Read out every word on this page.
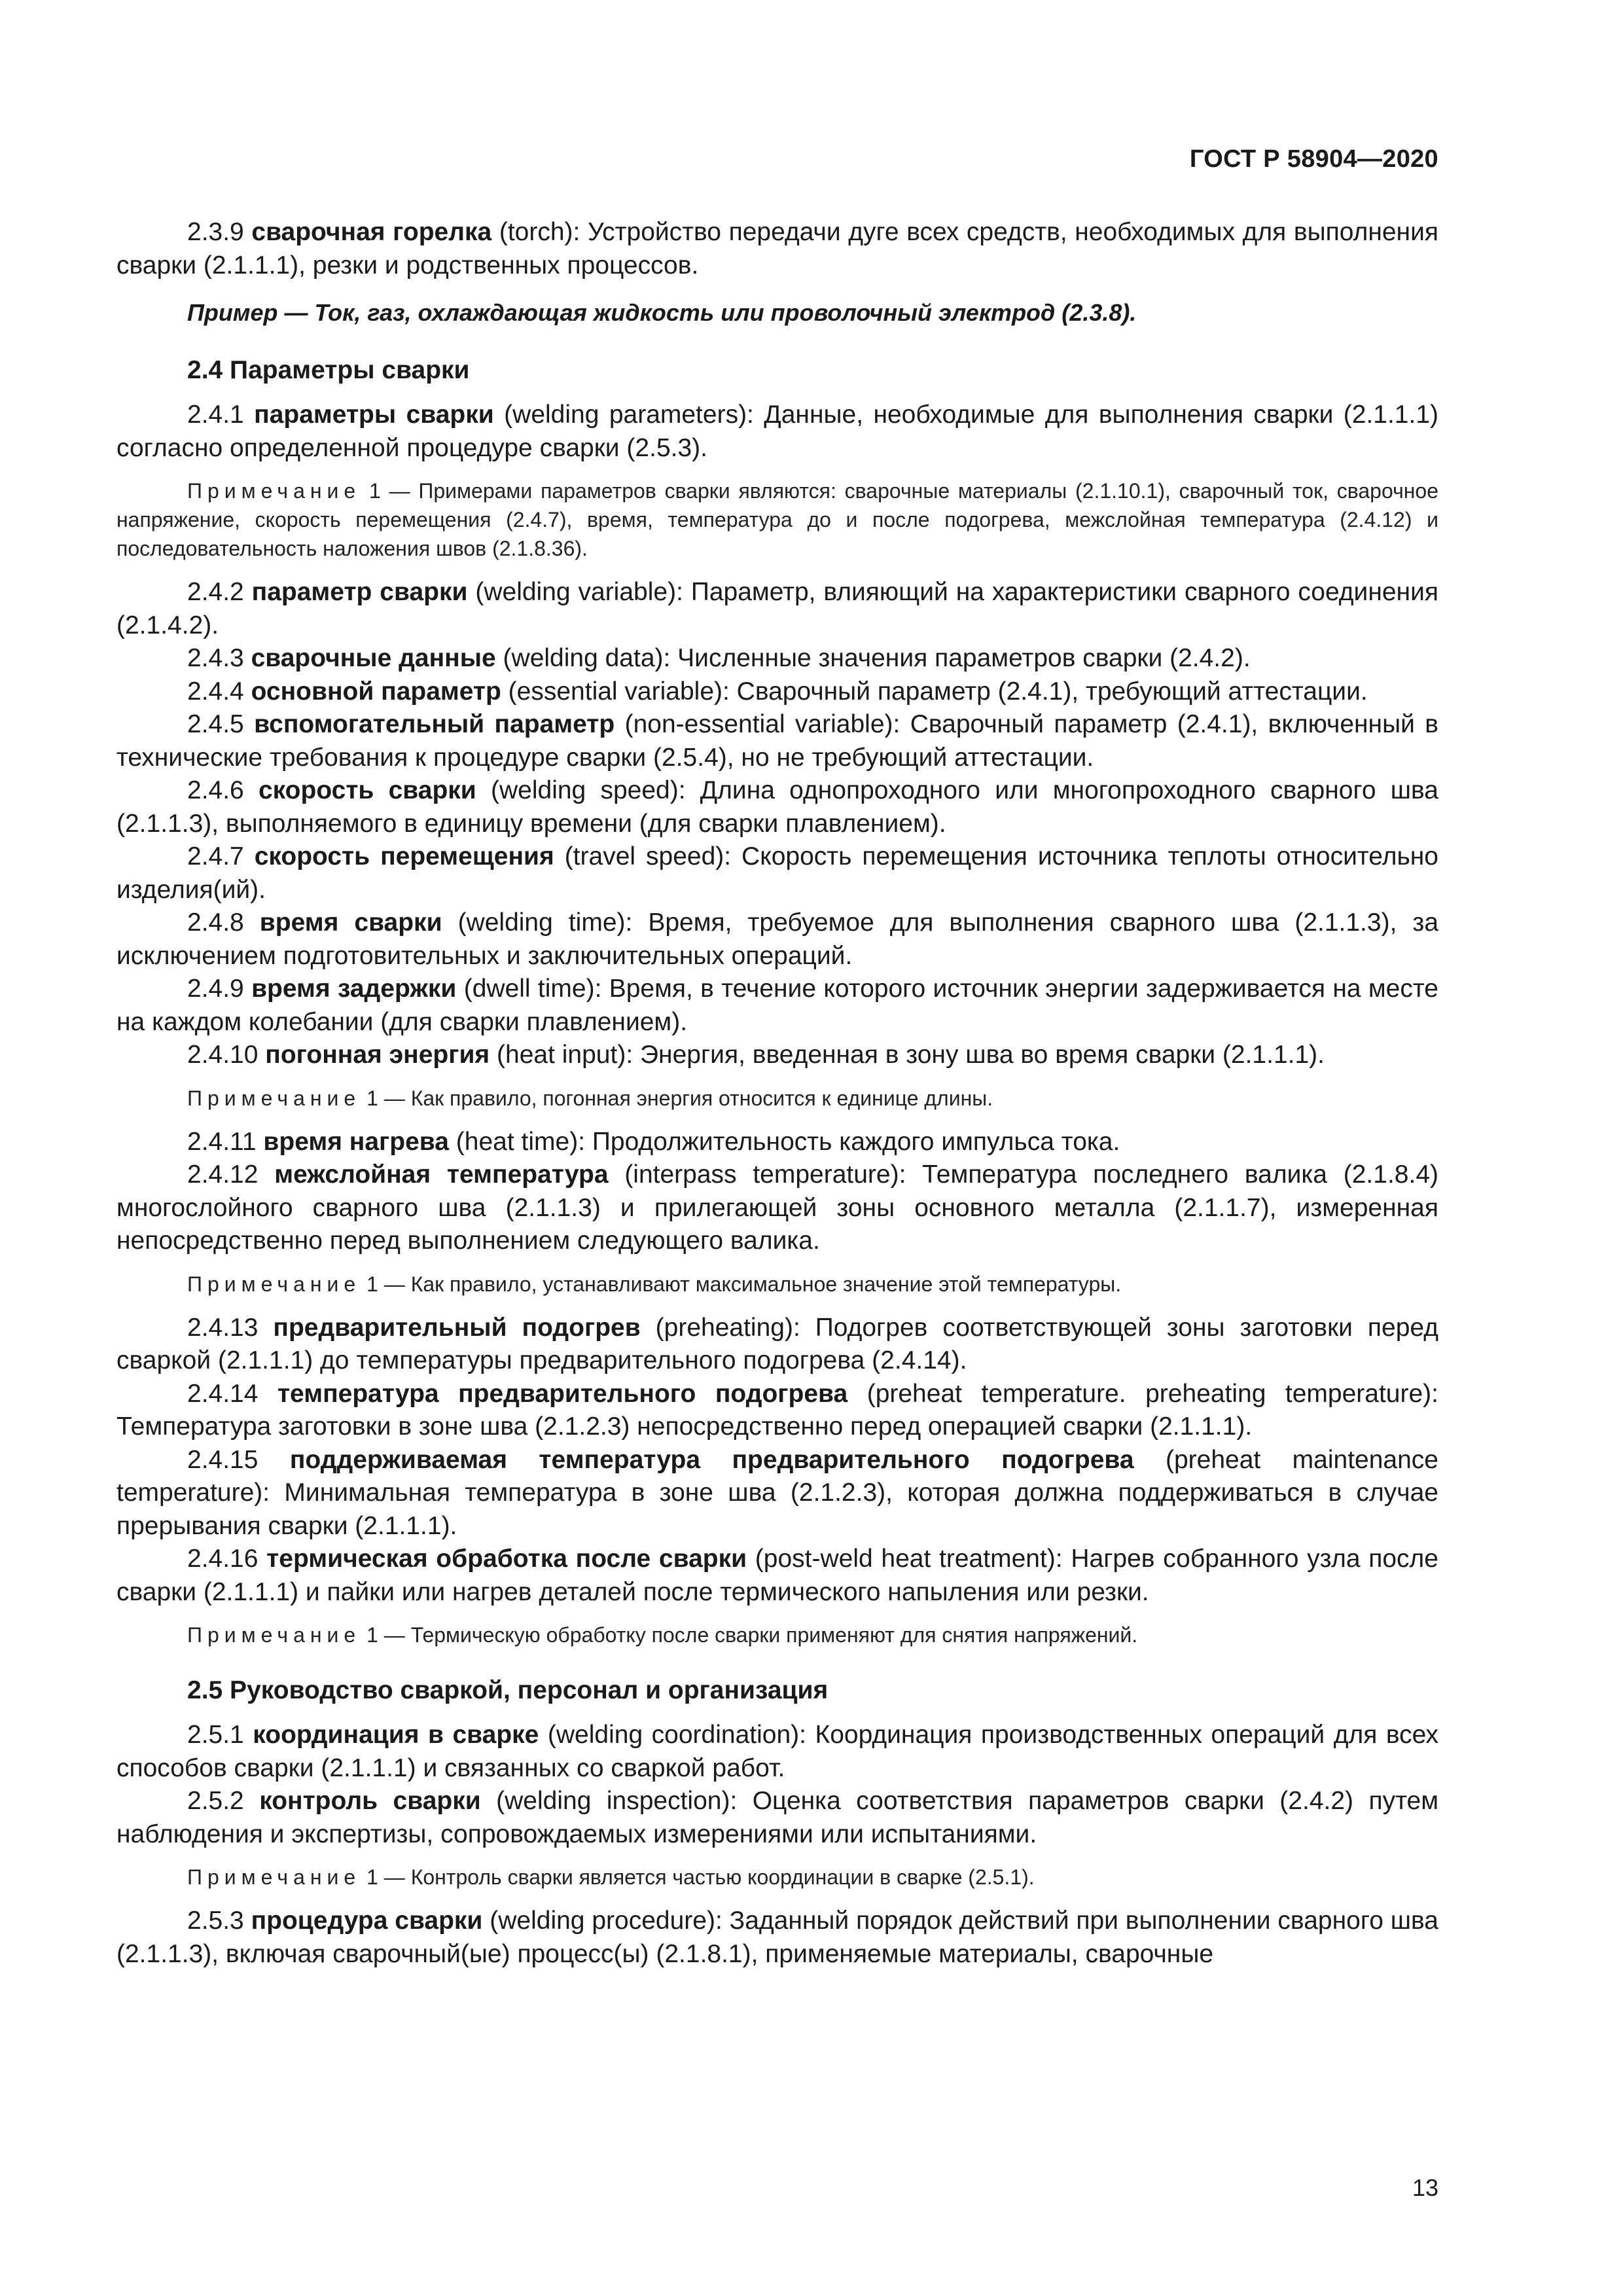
ГОСТ Р 58904—2020

2.3.9 сварочная горелка (torch): Устройство передачи дуге всех средств, необходимых для выполнения сварки (2.1.1.1), резки и родственных процессов.

Пример — Ток, газ, охлаждающая жидкость или проволочный электрод (2.3.8).

2.4 Параметры сварки

2.4.1 параметры сварки (welding parameters): Данные, необходимые для выполнения сварки (2.1.1.1) согласно определенной процедуре сварки (2.5.3).

Примечание 1 — Примерами параметров сварки являются: сварочные материалы (2.1.10.1), сварочный ток, сварочное напряжение, скорость перемещения (2.4.7), время, температура до и после подогрева, межслойная температура (2.4.12) и последовательность наложения швов (2.1.8.36).

2.4.2 параметр сварки (welding variable): Параметр, влияющий на характеристики сварного соединения (2.1.4.2).

2.4.3 сварочные данные (welding data): Численные значения параметров сварки (2.4.2).

2.4.4 основной параметр (essential variable): Сварочный параметр (2.4.1), требующий аттестации.

2.4.5 вспомогательный параметр (non-essential variable): Сварочный параметр (2.4.1), включенный в технические требования к процедуре сварки (2.5.4), но не требующий аттестации.

2.4.6 скорость сварки (welding speed): Длина однопроходного или многопроходного сварного шва (2.1.1.3), выполняемого в единицу времени (для сварки плавлением).

2.4.7 скорость перемещения (travel speed): Скорость перемещения источника теплоты относительно изделия(ий).

2.4.8 время сварки (welding time): Время, требуемое для выполнения сварного шва (2.1.1.3), за исключением подготовительных и заключительных операций.

2.4.9 время задержки (dwell time): Время, в течение которого источник энергии задерживается на месте на каждом колебании (для сварки плавлением).

2.4.10 погонная энергия (heat input): Энергия, введенная в зону шва во время сварки (2.1.1.1).

Примечание 1 — Как правило, погонная энергия относится к единице длины.

2.4.11 время нагрева (heat time): Продолжительность каждого импульса тока.

2.4.12 межслойная температура (interpass temperature): Температура последнего валика (2.1.8.4) многослойного сварного шва (2.1.1.3) и прилегающей зоны основного металла (2.1.1.7), измеренная непосредственно перед выполнением следующего валика.

Примечание 1 — Как правило, устанавливают максимальное значение этой температуры.

2.4.13 предварительный подогрев (preheating): Подогрев соответствующей зоны заготовки перед сваркой (2.1.1.1) до температуры предварительного подогрева (2.4.14).

2.4.14 температура предварительного подогрева (preheat temperature. preheating temperature): Температура заготовки в зоне шва (2.1.2.3) непосредственно перед операцией сварки (2.1.1.1).

2.4.15 поддерживаемая температура предварительного подогрева (preheat maintenance temperature): Минимальная температура в зоне шва (2.1.2.3), которая должна поддерживаться в случае прерывания сварки (2.1.1.1).

2.4.16 термическая обработка после сварки (post-weld heat treatment): Нагрев собранного узла после сварки (2.1.1.1) и пайки или нагрев деталей после термического напыления или резки.

Примечание 1 — Термическую обработку после сварки применяют для снятия напряжений.

2.5 Руководство сваркой, персонал и организация

2.5.1 координация в сварке (welding coordination): Координация производственных операций для всех способов сварки (2.1.1.1) и связанных со сваркой работ.

2.5.2 контроль сварки (welding inspection): Оценка соответствия параметров сварки (2.4.2) путем наблюдения и экспертизы, сопровождаемых измерениями или испытаниями.

Примечание 1 — Контроль сварки является частью координации в сварке (2.5.1).

2.5.3 процедура сварки (welding procedure): Заданный порядок действий при выполнении сварного шва (2.1.1.3), включая сварочный(ые) процесс(ы) (2.1.8.1), применяемые материалы, сварочные

13
